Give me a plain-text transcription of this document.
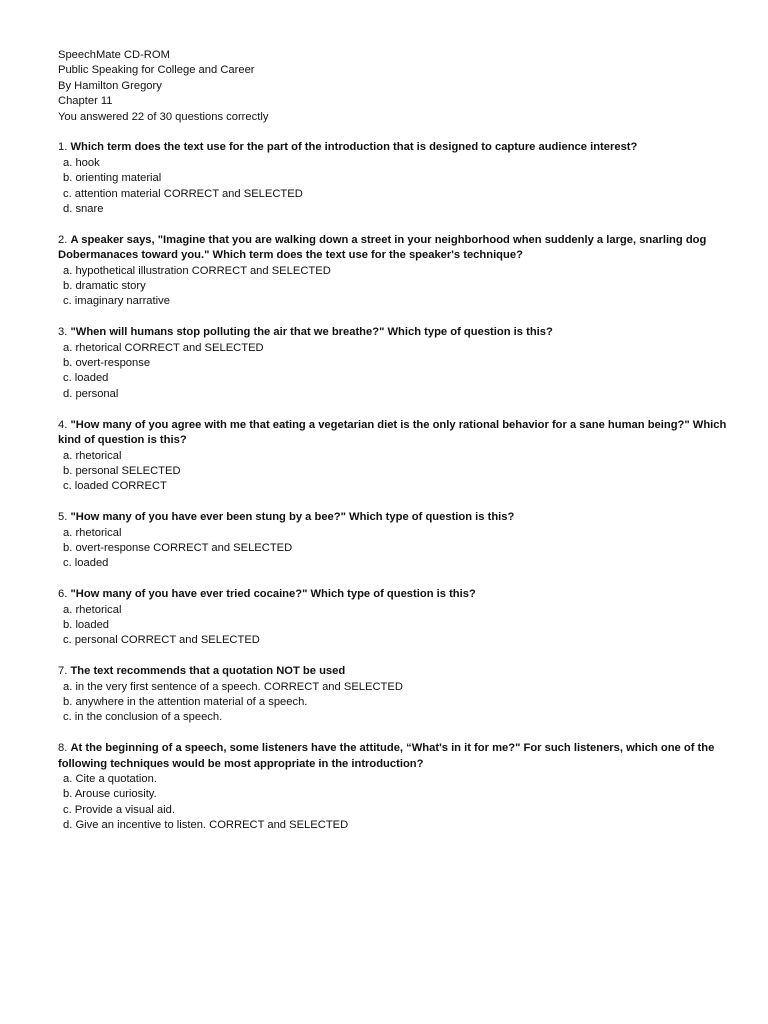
SpeechMate CD-ROM
Public Speaking for College and Career
By Hamilton Gregory
Chapter 11
You answered 22 of 30 questions correctly
1. Which term does the text use for the part of the introduction that is designed to capture audience interest?
a. hook
b. orienting material
c. attention material CORRECT and SELECTED
d. snare
2. A speaker says, "Imagine that you are walking down a street in your neighborhood when suddenly a large, snarling dog Dobermanaces toward you." Which term does the text use for the speaker's technique?
a. hypothetical illustration CORRECT and SELECTED
b. dramatic story
c. imaginary narrative
3. "When will humans stop polluting the air that we breathe?" Which type of question is this?
a. rhetorical CORRECT and SELECTED
b. overt-response
c. loaded
d. personal
4. "How many of you agree with me that eating a vegetarian diet is the only rational behavior for a sane human being?" Which kind of question is this?
a. rhetorical
b. personal SELECTED
c. loaded CORRECT
5. "How many of you have ever been stung by a bee?" Which type of question is this?
a. rhetorical
b. overt-response CORRECT and SELECTED
c. loaded
6. "How many of you have ever tried cocaine?" Which type of question is this?
a. rhetorical
b. loaded
c. personal CORRECT and SELECTED
7. The text recommends that a quotation NOT be used
a. in the very first sentence of a speech. CORRECT and SELECTED
b. anywhere in the attention material of a speech.
c. in the conclusion of a speech.
8. At the beginning of a speech, some listeners have the attitude, “What's in it for me?" For such listeners, which one of the following techniques would be most appropriate in the introduction?
a. Cite a quotation.
b. Arouse curiosity.
c. Provide a visual aid.
d. Give an incentive to listen. CORRECT and SELECTED
